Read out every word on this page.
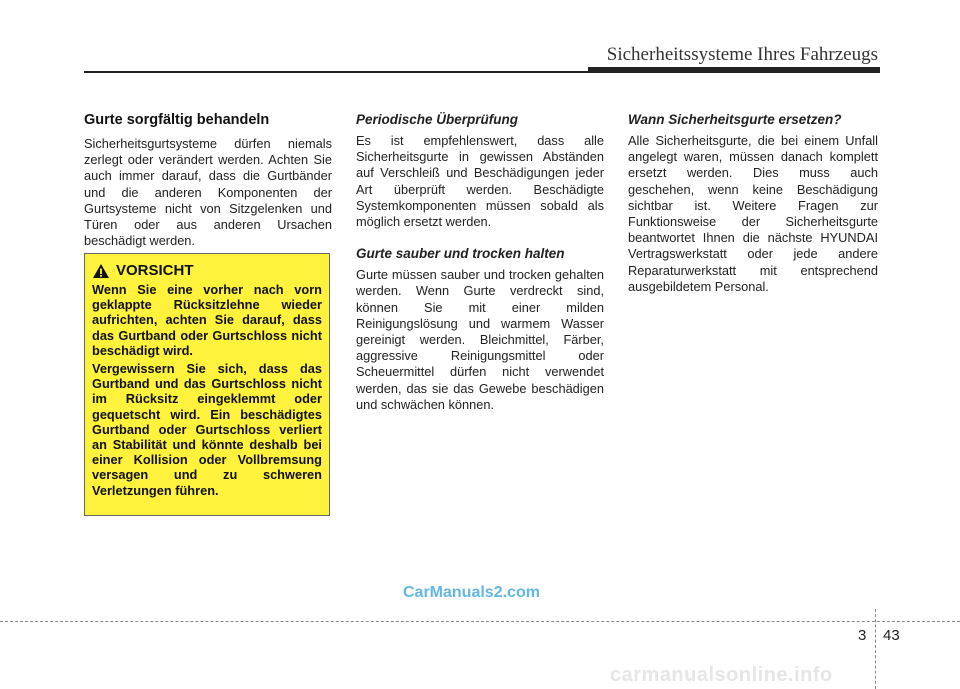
Sicherheitssysteme Ihres Fahrzeugs
Gurte sorgfältig behandeln

Sicherheitsgurtsysteme dürfen niemals zerlegt oder verändert werden. Achten Sie auch immer darauf, dass die Gurtbänder und die anderen Komponenten der Gurtsysteme nicht von Sitzgelenken und Türen oder aus anderen Ursachen beschädigt werden.

VORSICHT

Wenn Sie eine vorher nach vorn geklappte Rücksitzlehne wieder aufrichten, achten Sie darauf, dass das Gurtband oder Gurtschloss nicht beschädigt wird.

Vergewissern Sie sich, dass das Gurtband und das Gurtschloss nicht im Rücksitz eingeklemmt oder gequetscht wird. Ein beschädigtes Gurtband oder Gurtschloss verliert an Stabilität und könnte deshalb bei einer Kollision oder Vollbremsung versagen und zu schweren Verletzungen führen.

Periodische Überprüfung

Es ist empfehlenswert, dass alle Sicherheitsgurte in gewissen Abständen auf Verschleiß und Beschädigungen jeder Art überprüft werden. Beschädigte Systemkomponenten müssen sobald als möglich ersetzt werden.

Gurte sauber und trocken halten

Gurte müssen sauber und trocken gehalten werden. Wenn Gurte verdreckt sind, können Sie mit einer milden Reinigungslösung und warmem Wasser gereinigt werden. Bleichmittel, Färber, aggressive Reinigungsmittel oder Scheuermittel dürfen nicht verwendet werden, das sie das Gewebe beschädigen und schwächen können.

Wann Sicherheitsgurte ersetzen?

Alle Sicherheitsgurte, die bei einem Unfall angelegt waren, müssen danach komplett ersetzt werden. Dies muss auch geschehen, wenn keine Beschädigung sichtbar ist. Weitere Fragen zur Funktionsweise der Sicherheitsgurte beantwortet Ihnen die nächste HYUNDAI Vertragswerkstatt oder jede andere Reparaturwerkstatt mit entsprechend ausgebildetem Personal.

CarManuals2.com
3 43
carmanualsonline.info
